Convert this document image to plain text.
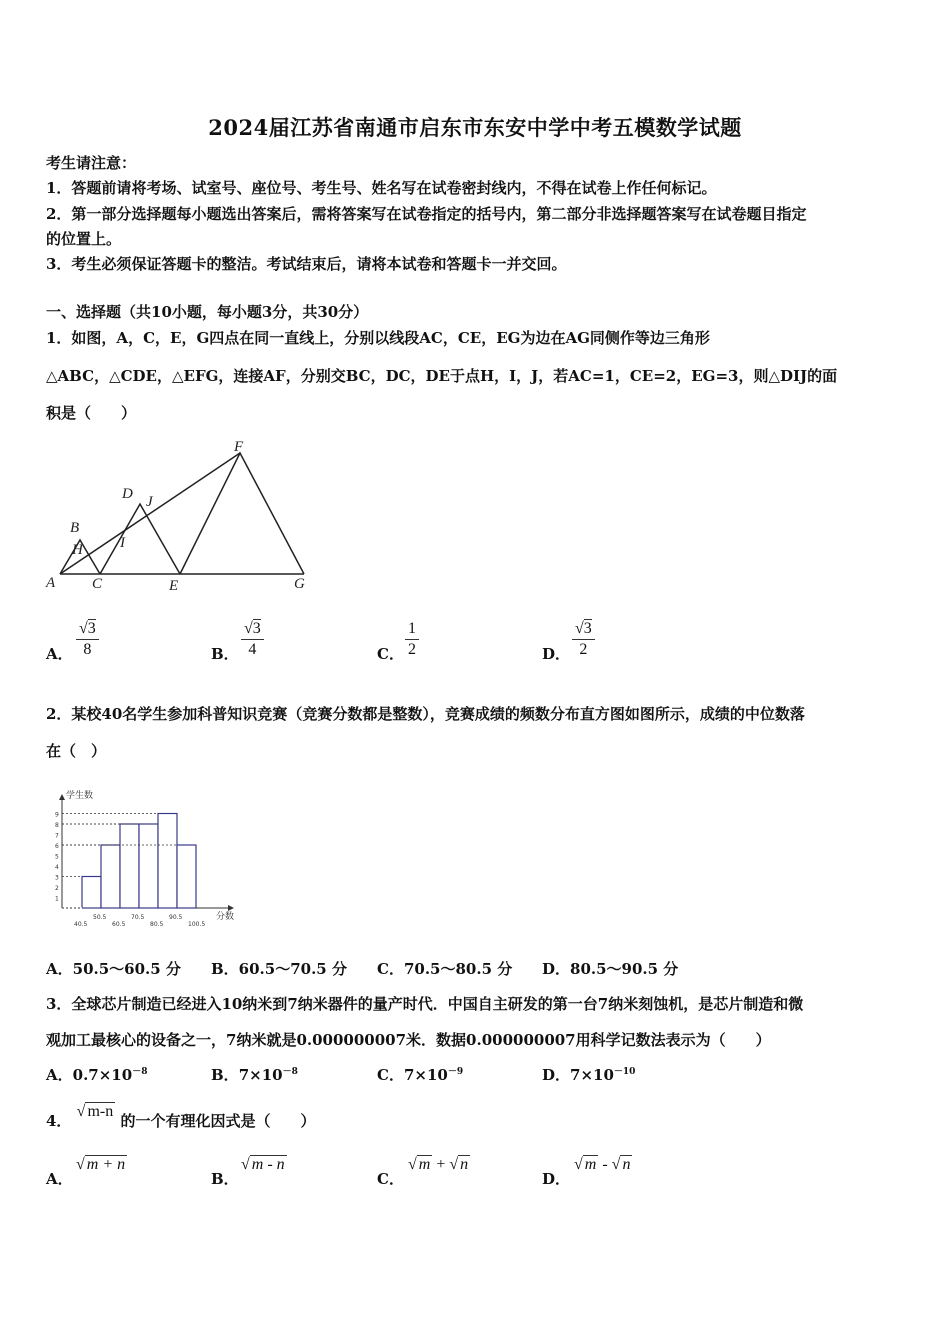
2024届江苏省南通市启东市东安中学中考五模数学试题
考生请注意：
1．答题前请将考场、试室号、座位号、考生号、姓名写在试卷密封线内，不得在试卷上作任何标记。
2．第一部分选择题每小题选出答案后，需将答案写在试卷指定的括号内，第二部分非选择题答案写在试卷题目指定
的位置上。
3．考生必须保证答题卡的整洁。考试结束后，请将本试卷和答题卡一并交回。
一、选择题（共10小题，每小题3分，共30分）
1．如图，A，C，E，G四点在同一直线上，分别以线段AC，CE，EG为边在AG同侧作等边三角形
△ABC，△CDE，△EFG，连接AF，分别交BC，DC，DE于点H，I，J，若AC=1，CE=2，EG=3，则△DIJ的面
积是（　　）
A
B
H
C
D J
I
E
F
G
A．
√3
8	B．
√3
4	C．
1
2	D．
√3
2
2．某校40名学生参加科普知识竞赛（竞赛分数都是整数），竞赛成绩的频数分布直方图如图所示，成绩的中位数落
在（　）
学生数
分数
1
2
3
4
5
6
7
8
9
40.5
50.5
60.5
70.5
80.5
90.5
100.5
A．50.5～60.5 分 B．60.5～70.5 分 C．70.5～80.5 分 D．80.5～90.5 分
3．全球芯片制造已经进入10纳米到7纳米器件的量产时代．中国自主研发的第一台7纳米刻蚀机，是芯片制造和微
观加工最核心的设备之一，7纳米就是0.000000007米．数据0.000000007用科学记数法表示为（　　）
A．$0.7\times 10^{-8}$	B．$7\times 10^{-8}$	C．$7\times 10^{-9}$	D．$7\times 10^{-10}$
4． √ m-n 的一个有理化因式是（　　）
A．
√ m + n
B．
√ m - n
C．
√ m + √ n
D．
√ m - √ n
